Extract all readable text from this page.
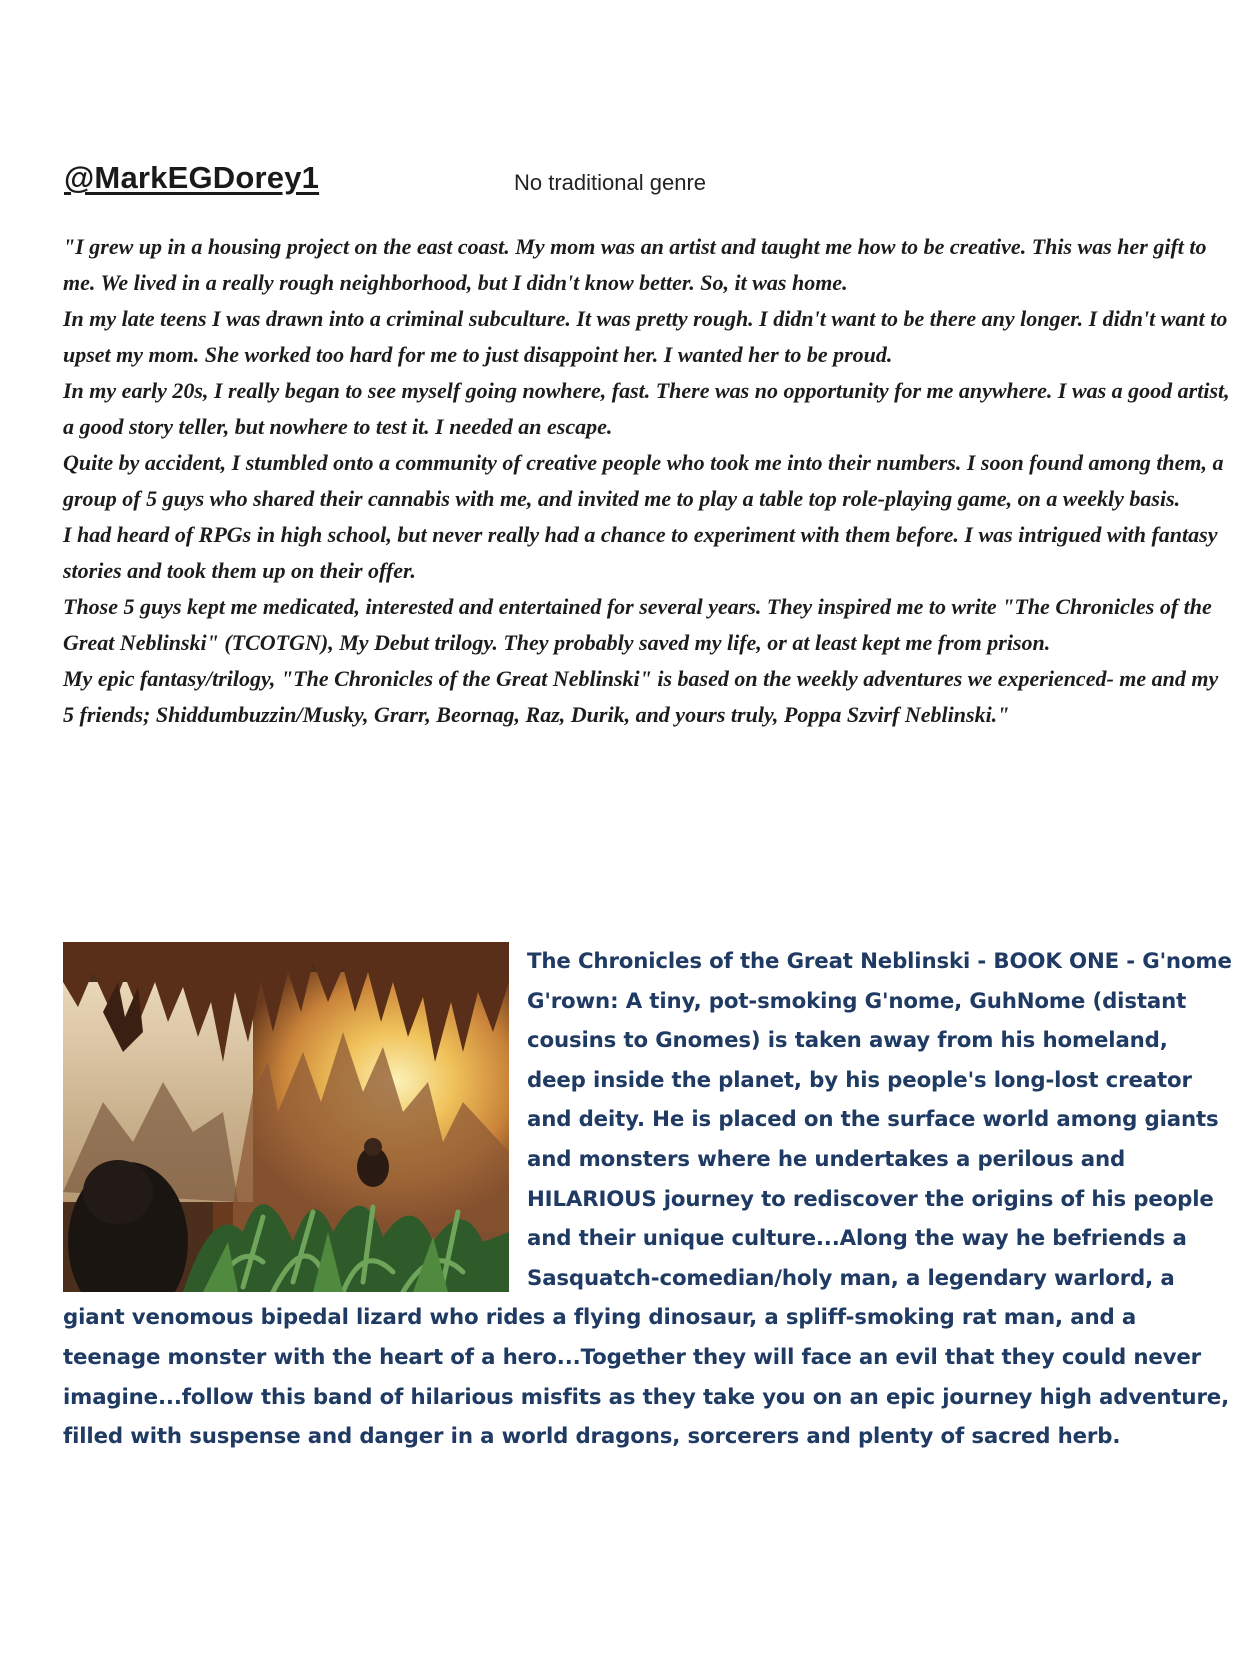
@MarkEGDorey1	No traditional genre

"I grew up in a housing project on the east coast. My mom was an artist and taught me how to be creative. This was her gift to me. We lived in a really rough neighborhood, but I didn't know better. So, it was home.

In my late teens I was drawn into a criminal subculture. It was pretty rough. I didn't want to be there any longer. I didn't want to upset my mom. She worked too hard for me to just disappoint her. I wanted her to be proud.

In my early 20s, I really began to see myself going nowhere, fast. There was no opportunity for me anywhere. I was a good artist, a good story teller, but nowhere to test it. I needed an escape.

Quite by accident, I stumbled onto a community of creative people who took me into their numbers. I soon found among them, a group of 5 guys who shared their cannabis with me, and invited me to play a table top role-playing game, on a weekly basis.

I had heard of RPGs in high school, but never really had a chance to experiment with them before. I was intrigued with fantasy stories and took them up on their offer.

Those 5 guys kept me medicated, interested and entertained for several years. They inspired me to write "The Chronicles of the Great Neblinski" (TCOTGN), My Debut trilogy. They probably saved my life, or at least kept me from prison.

My epic fantasy/trilogy, "The Chronicles of the Great Neblinski" is based on the weekly adventures we experienced- me and my 5 friends; Shiddumbuzzin/Musky, Grarr, Beornag, Raz, Durik, and yours truly, Poppa Szvirf Neblinski."

The Chronicles of the Great Neblinski - BOOK ONE - G'nome G'rown: A tiny, pot-smoking G'nome, GuhNome (distant cousins to Gnomes) is taken away from his homeland, deep inside the planet, by his people's long-lost creator and deity. He is placed on the surface world among giants and monsters where he undertakes a perilous and HILARIOUS journey to rediscover the origins of his people and their unique culture...Along the way he befriends a Sasquatch-comedian/holy man, a legendary warlord, a giant venomous bipedal lizard who rides a flying dinosaur, a spliff-smoking rat man, and a teenage monster with the heart of a hero...Together they will face an evil that they could never imagine...follow this band of hilarious misfits as they take you on an epic journey high adventure, filled with suspense and danger in a world dragons, sorcerers and plenty of sacred herb.
